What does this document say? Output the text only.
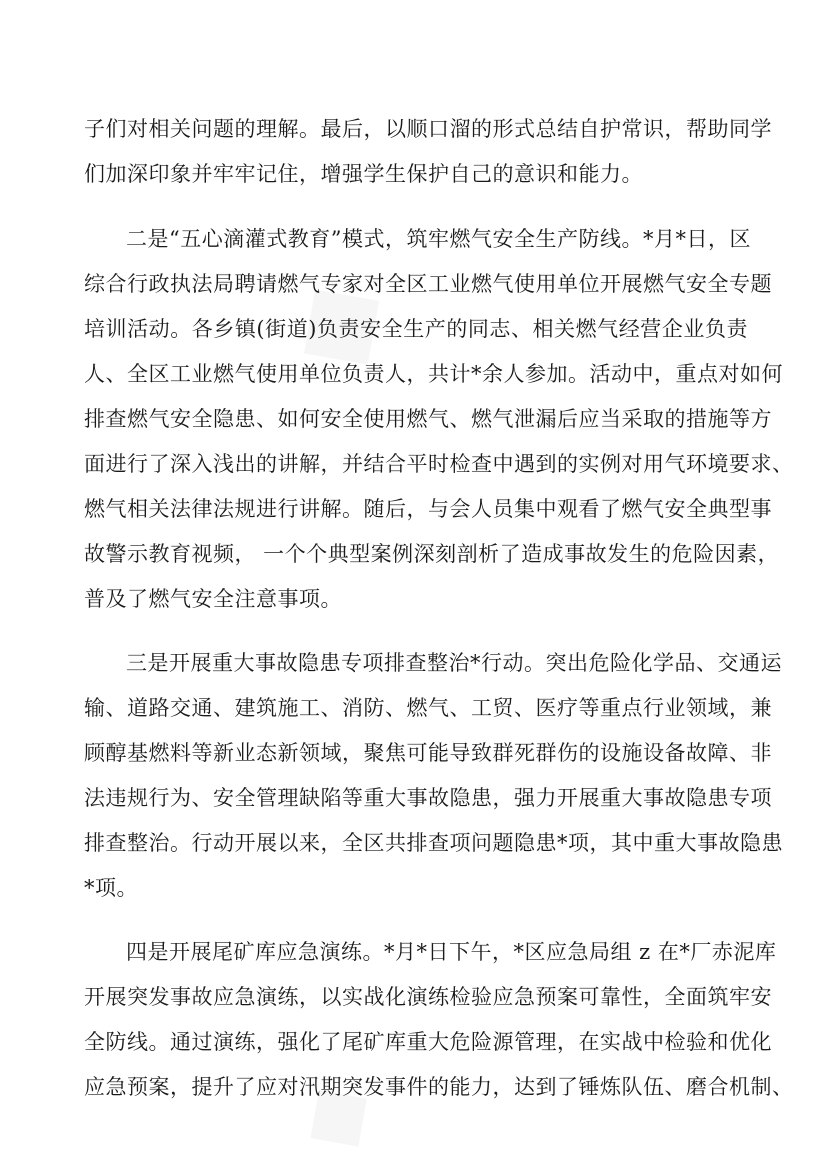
子们对相关问题的理解。最后，以顺口溜的形式总结自护常识，帮助同学
们加深印象并牢牢记住，增强学生保护自己的意识和能力。
二是“五心滴灌式教育”模式，筑牢燃气安全生产防线。*月*日，区
综合行政执法局聘请燃气专家对全区工业燃气使用单位开展燃气安全专题
培训活动。各乡镇(街道)负责安全生产的同志、相关燃气经营企业负责
人、全区工业燃气使用单位负责人，共计*余人参加。活动中，重点对如何
排查燃气安全隐患、如何安全使用燃气、燃气泄漏后应当采取的措施等方
面进行了深入浅出的讲解，并结合平时检查中遇到的实例对用气环境要求、
燃气相关法律法规进行讲解。随后，与会人员集中观看了燃气安全典型事
故警示教育视频， 一个个典型案例深刻剖析了造成事故发生的危险因素，
普及了燃气安全注意事项。
三是开展重大事故隐患专项排查整治*行动。突出危险化学品、交通运
输、道路交通、建筑施工、消防、燃气、工贸、医疗等重点行业领域，兼
顾醇基燃料等新业态新领域，聚焦可能导致群死群伤的设施设备故障、非
法违规行为、安全管理缺陷等重大事故隐患，强力开展重大事故隐患专项
排查整治。行动开展以来，全区共排查项问题隐患*项，其中重大事故隐患
*项。
四是开展尾矿库应急演练。*月*日下午，*区应急局组 z 在*厂赤泥库
开展突发事故应急演练，以实战化演练检验应急预案可靠性，全面筑牢安
全防线。通过演练，强化了尾矿库重大危险源管理，在实战中检验和优化
应急预案，提升了应对汛期突发事件的能力，达到了锤炼队伍、磨合机制、
